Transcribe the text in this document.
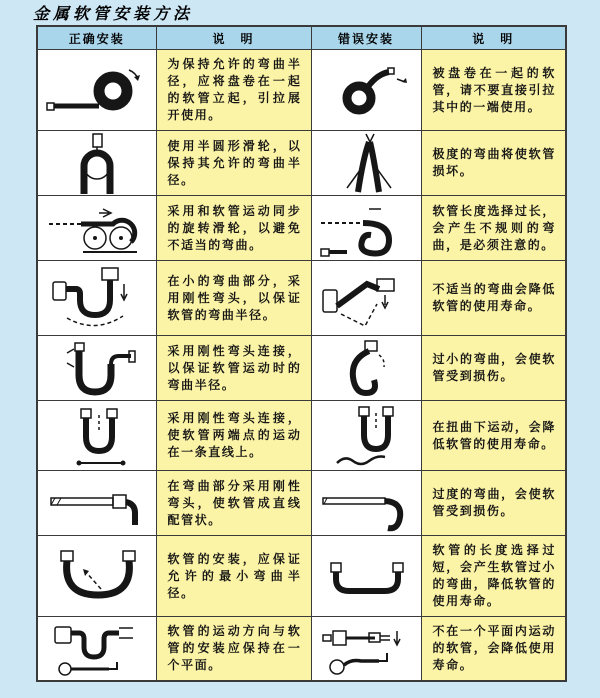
金属软管安装方法
正确安装	说　明	错误安装	说　明

为保持允许的弯曲半径，应将盘卷在一起的软管立起，引拉展开使用。		被盘卷在一起的软管，请不要直接引拉其中的一端使用。

使用半圆形滑轮，以保持其允许的弯曲半径。		极度的弯曲将使软管损坏。

采用和软管运动同步的旋转滑轮，以避免不适当的弯曲。		软管长度选择过长，会产生不规则的弯曲，是必须注意的。

在小的弯曲部分，采用刚性弯头，以保证软管的弯曲半径。		不适当的弯曲会降低软管的使用寿命。

采用刚性弯头连接，以保证软管运动时的弯曲半径。		过小的弯曲，会使软管受到损伤。

采用刚性弯头连接，使软管两端点的运动在一条直线上。		在扭曲下运动，会降低软管的使用寿命。

在弯曲部分采用刚性弯头，使软管成直线配管状。		过度的弯曲，会使软管受到损伤。

软管的安装，应保证允许的最小弯曲半径。		软管的长度选择过短，会产生软管过小的弯曲，降低软管的使用寿命。

软管的运动方向与软管的安装应保持在一个平面。		不在一个平面内运动的软管，会降低使用寿命。
